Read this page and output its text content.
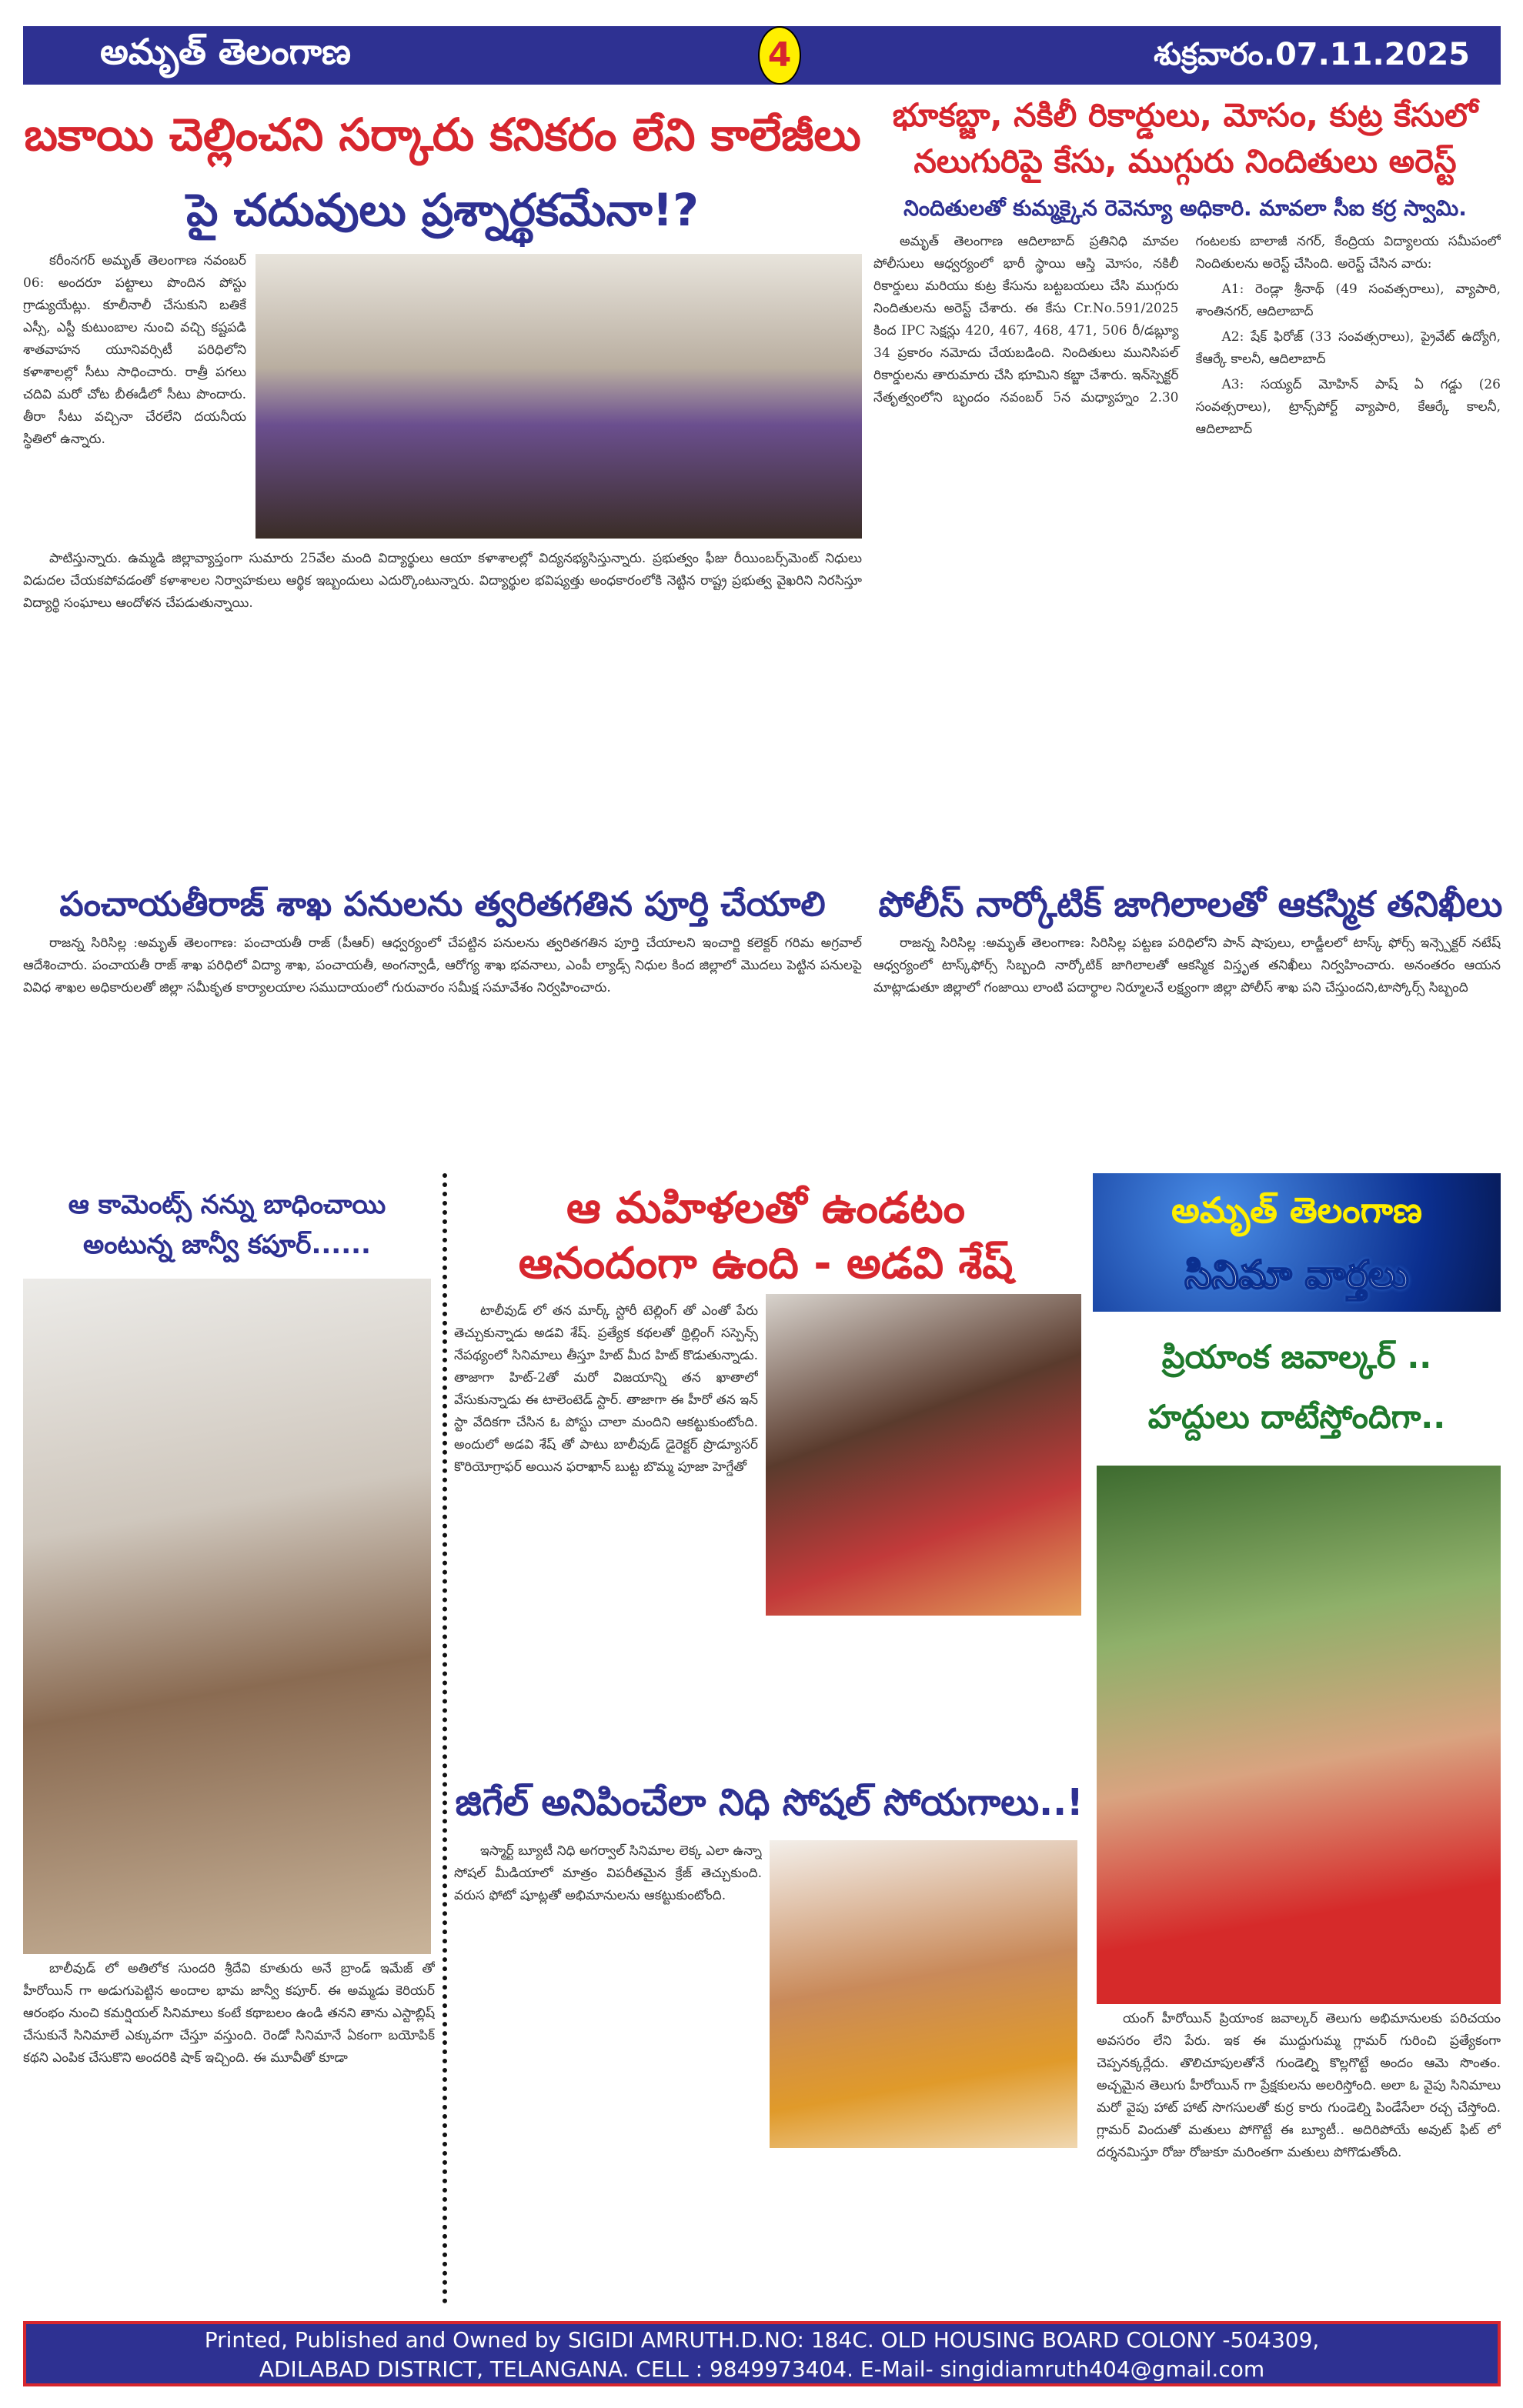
అమృత్ తెలంగాణ	4	శుక్రవారం.07.11.2025
బకాయి చెల్లించని సర్కారు కనికరం లేని కాలేజీలు
పై చదువులు ప్రశ్నార్థకమేనా!?

కరీంనగర్ అమృత్ తెలంగాణ నవంబర్ 06: అందరూ పట్టాలు పొందిన పోస్టు గ్రాడ్యుయేట్లు. కూలీనాలీ చేసుకుని బతికే ఎస్సీ, ఎస్టీ కుటుంబాల నుంచి వచ్చి కష్టపడి శాతవాహన యూనివర్సిటీ పరిధిలోని కళాశాలల్లో సీటు సాధించారు. రాత్రీ పగలు చదివి మరో చోట బీఈడీలో సీటు పొందారు. తీరా సీటు వచ్చినా చేరలేని దయనీయ స్థితిలో ఉన్నారు.

పాటిస్తున్నారు. ఉమ్మడి జిల్లావ్యాప్తంగా సుమారు 25వేల మంది విద్యార్థులు ఆయా కళాశాలల్లో విద్యనభ్యసిస్తున్నారు. ప్రభుత్వం ఫీజు రీయింబర్స్‌మెంట్ నిధులు విడుదల చేయకపోవడంతో కళాశాలల నిర్వాహకులు ఆర్థిక ఇబ్బందులు ఎదుర్కొంటున్నారు. విద్యార్థుల భవిష్యత్తు అంధకారంలోకి నెట్టిన రాష్ట్ర ప్రభుత్వ వైఖరిని నిరసిస్తూ విద్యార్థి సంఘాలు ఆందోళన చేపడుతున్నాయి.

భూకబ్జా, నకిలీ రికార్డులు, మోసం, కుట్ర కేసులో
నలుగురిపై కేసు, ముగ్గురు నిందితులు అరెస్ట్
నిందితులతో కుమ్మక్కైన రెవెన్యూ అధికారి. మావలా సీఐ కర్ర స్వామి.

అమృత్ తెలంగాణ ఆదిలాబాద్ ప్రతినిధి మావల పోలీసులు ఆధ్వర్యంలో భారీ స్థాయి ఆస్తి మోసం, నకిలీ రికార్డులు మరియు కుట్ర కేసును బట్టబయలు చేసి ముగ్గురు నిందితులను అరెస్ట్ చేశారు. ఈ కేసు Cr.No.591/2025 కింద IPC సెక్షన్లు 420, 467, 468, 471, 506 రీ/డబ్ల్యూ 34 ప్రకారం నమోదు చేయబడింది. నిందితులు మునిసిపల్ రికార్డులను తారుమారు చేసి భూమిని కబ్జా చేశారు. ఇన్‌స్పెక్టర్ నేతృత్వంలోని బృందం నవంబర్ 5న మధ్యాహ్నం 2.30 గంటలకు బాలాజీ నగర్, కేంద్రియ విద్యాలయ సమీపంలో నిందితులను అరెస్ట్ చేసింది. అరెస్ట్ చేసిన వారు:

A1: రెండ్లా శ్రీనాథ్ (49 సంవత్సరాలు), వ్యాపారి, శాంతినగర్, ఆదిలాబాద్

A2: షేక్ ఫిరోజ్ (33 సంవత్సరాలు), ప్రైవేట్ ఉద్యోగి, కేఆర్కే కాలనీ, ఆదిలాబాద్

A3: సయ్యద్ మోహిన్ పాష్ ఏ గడ్డు (26 సంవత్సరాలు), ట్రాన్స్‌పోర్ట్ వ్యాపారి, కేఆర్కే కాలనీ, ఆదిలాబాద్

పంచాయతీరాజ్ శాఖ పనులను త్వరితగతిన పూర్తి చేయాలి

రాజన్న సిరిసిల్ల :అమృత్ తెలంగాణ: పంచాయతీ రాజ్ (పీఆర్) ఆధ్వర్యంలో చేపట్టిన పనులను త్వరితగతిన పూర్తి చేయాలని ఇంచార్జి కలెక్టర్ గరిమ అగ్రవాల్ ఆదేశించారు. పంచాయతీ రాజ్ శాఖ పరిధిలో విద్యా శాఖ, పంచాయతీ, అంగన్వాడీ, ఆరోగ్య శాఖ భవనాలు, ఎంపీ ల్యాడ్స్ నిధుల కింద జిల్లాలో మొదలు పెట్టిన పనులపై వివిధ శాఖల అధికారులతో జిల్లా సమీకృత కార్యాలయాల సముదాయంలో గురువారం సమీక్ష సమావేశం నిర్వహించారు.

పోలీస్ నార్కోటిక్ జాగిలాలతో ఆకస్మిక తనిఖీలు

రాజన్న సిరిసిల్ల :అమృత్ తెలంగాణ: సిరిసిల్ల పట్టణ పరిధిలోని పాన్ షాపులు, లాడ్జీలలో టాస్క్ ఫోర్స్ ఇన్స్పెక్టర్ నటేష్ ఆధ్వర్యంలో టాస్క్‌ఫోర్స్ సిబ్బంది నార్కోటిక్ జాగిలాలతో ఆకస్మిక విస్తృత తనిఖీలు నిర్వహించారు. అనంతరం ఆయన మాట్లాడుతూ జిల్లాలో గంజాయి లాంటి పదార్థాల నిర్మూలనే లక్ష్యంగా జిల్లా పోలీస్ శాఖ పని చేస్తుందని,టాస్కోర్స్ సిబ్బంది

ఆ కామెంట్స్ నన్ను బాధించాయి
అంటున్న జాన్వీ కపూర్......

బాలీవుడ్ లో అతిలోక సుందరి శ్రీదేవి కూతురు అనే బ్రాండ్ ఇమేజ్ తో హీరోయిన్ గా అడుగుపెట్టిన అందాల భామ జాన్వీ కపూర్. ఈ అమ్మడు కెరియర్ ఆరంభం నుంచి కమర్షియల్ సినిమాలు కంటే కథాబలం ఉండి తనని తాను ఎస్టాబ్లిష్ చేసుకునే సినిమాలే ఎక్కువగా చేస్తూ వస్తుంది. రెండో సినిమానే ఏకంగా బయోపిక్ కథని ఎంపిక చేసుకొని అందరికి షాక్ ఇచ్చింది. ఈ మూవీతో కూడా

ఆ మహిళలతో ఉండటం
ఆనందంగా ఉంది - అడవి శేష్

టాలీవుడ్ లో తన మార్క్ స్టోరీ టెల్లింగ్ తో ఎంతో పేరు తెచ్చుకున్నాడు అడవి శేష్. ప్రత్యేక కథలతో థ్రిల్లింగ్ సస్పెన్స్ నేపథ్యంలో సినిమాలు తీస్తూ హిట్ మీద హిట్ కొడుతున్నాడు. తాజాగా హిట్-2తో మరో విజయాన్ని తన ఖాతాలో వేసుకున్నాడు ఈ టాలెంటెడ్ స్టార్. తాజాగా ఈ హీరో తన ఇన్ స్టా వేదికగా చేసిన ఓ పోస్టు చాలా మందిని ఆకట్టుకుంటోంది. అందులో అడవి శేష్ తో పాటు బాలీవుడ్ డైరెక్టర్ ప్రొడ్యూసర్ కొరియోగ్రాఫర్ అయిన ఫరాఖాన్ బుట్ట బొమ్మ పూజా హెగ్డేతో

జిగేల్ అనిపించేలా నిధి సోషల్ సోయగాలు..!

ఇస్మార్ట్ బ్యూటీ నిధి అగర్వాల్ సినిమాల లెక్క ఎలా ఉన్నా సోషల్ మీడియాలో మాత్రం విపరీతమైన క్రేజ్ తెచ్చుకుంది. వరుస ఫోటో షూట్లతో అభిమానులను ఆకట్టుకుంటోంది.

అమృత్ తెలంగాణ
సినిమా వార్తలు
ప్రియాంక జవాల్కర్ ..
హద్దులు దాటేస్తోందిగా..

యంగ్ హీరోయిన్ ప్రియాంక జవాల్కర్ తెలుగు అభిమానులకు పరిచయం అవసరం లేని పేరు. ఇక ఈ ముద్దుగుమ్మ గ్లామర్ గురించి ప్రత్యేకంగా చెప్పనక్కర్లేదు. తొలిచూపులతోనే గుండెల్ని కొల్లగొట్టే అందం ఆమె సొంతం. అచ్చమైన తెలుగు హీరోయిన్ గా ప్రేక్షకులను అలరిస్తోంది. అలా ఓ వైపు సినిమాలు మరో వైపు హాట్ హాట్ సొగసులతో కుర్ర కారు గుండెల్ని పిండేసేలా రచ్చ చేస్తోంది. గ్లామర్ విందుతో మతులు పోగొట్టే ఈ బ్యూటీ.. అదిరిపోయే అవుట్ ఫిట్ లో దర్శనమిస్తూ రోజు రోజుకూ మరింతగా మతులు పోగొడుతోంది.

Printed, Published and Owned by SIGIDI AMRUTH.D.NO: 184C. OLD HOUSING BOARD COLONY -504309,
ADILABAD DISTRICT, TELANGANA. CELL : 9849973404. E-Mail- singidiamruth404@gmail.com
